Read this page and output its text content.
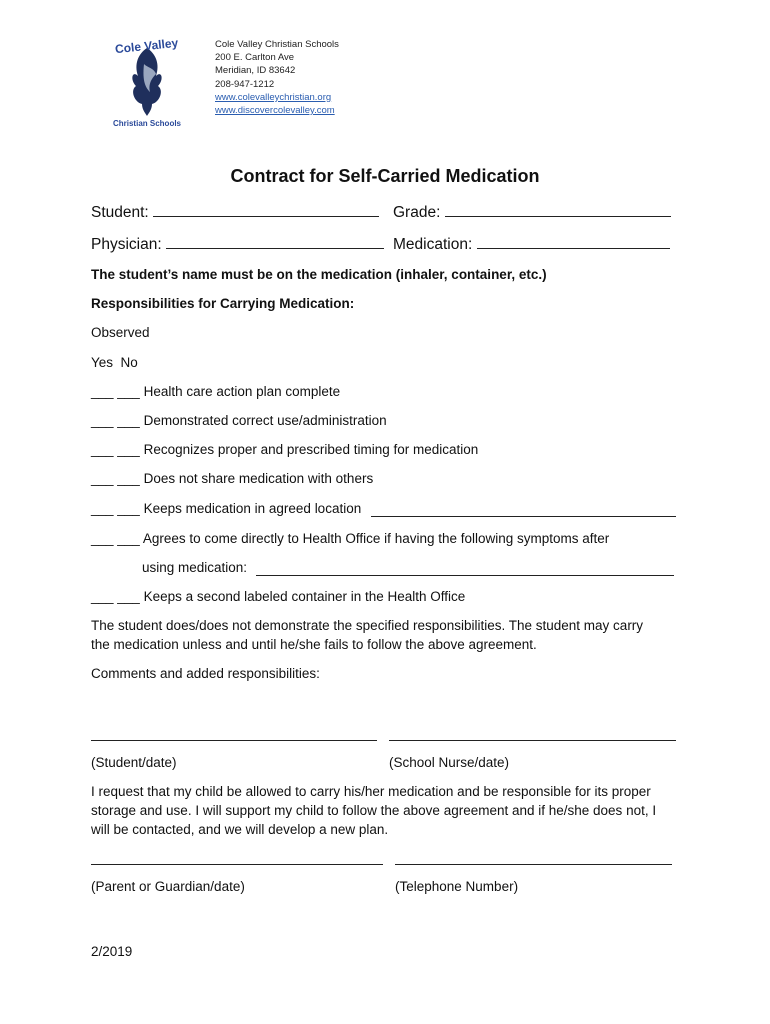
Cole Valley
Christian Schools
Cole Valley Christian Schools
200 E. Carlton Ave
Meridian, ID 83642
208-947-1212
www.colevalleychristian.org
www.discovercolevalley.com
Contract for Self-Carried Medication
Student:	Grade:
Physician:	Medication:
The student’s name must be on the medication (inhaler, container, etc.)
Responsibilities for Carrying Medication:
Observed
Yes  No
___ ___ Health care action plan complete
___ ___ Demonstrated correct use/administration
___ ___ Recognizes proper and prescribed timing for medication
___ ___ Does not share medication with others
___ ___ Keeps medication in agreed location
___ ___ Agrees to come directly to Health Office if having the following symptoms after
using medication:
___ ___ Keeps a second labeled container in the Health Office
The student does/does not demonstrate the specified responsibilities. The student may carry
the medication unless and until he/she fails to follow the above agreement.
Comments and added responsibilities:
(Student/date)	(School Nurse/date)
I request that my child be allowed to carry his/her medication and be responsible for its proper
storage and use. I will support my child to follow the above agreement and if he/she does not, I
will be contacted, and we will develop a new plan.
(Parent or Guardian/date)	(Telephone Number)
2/2019
